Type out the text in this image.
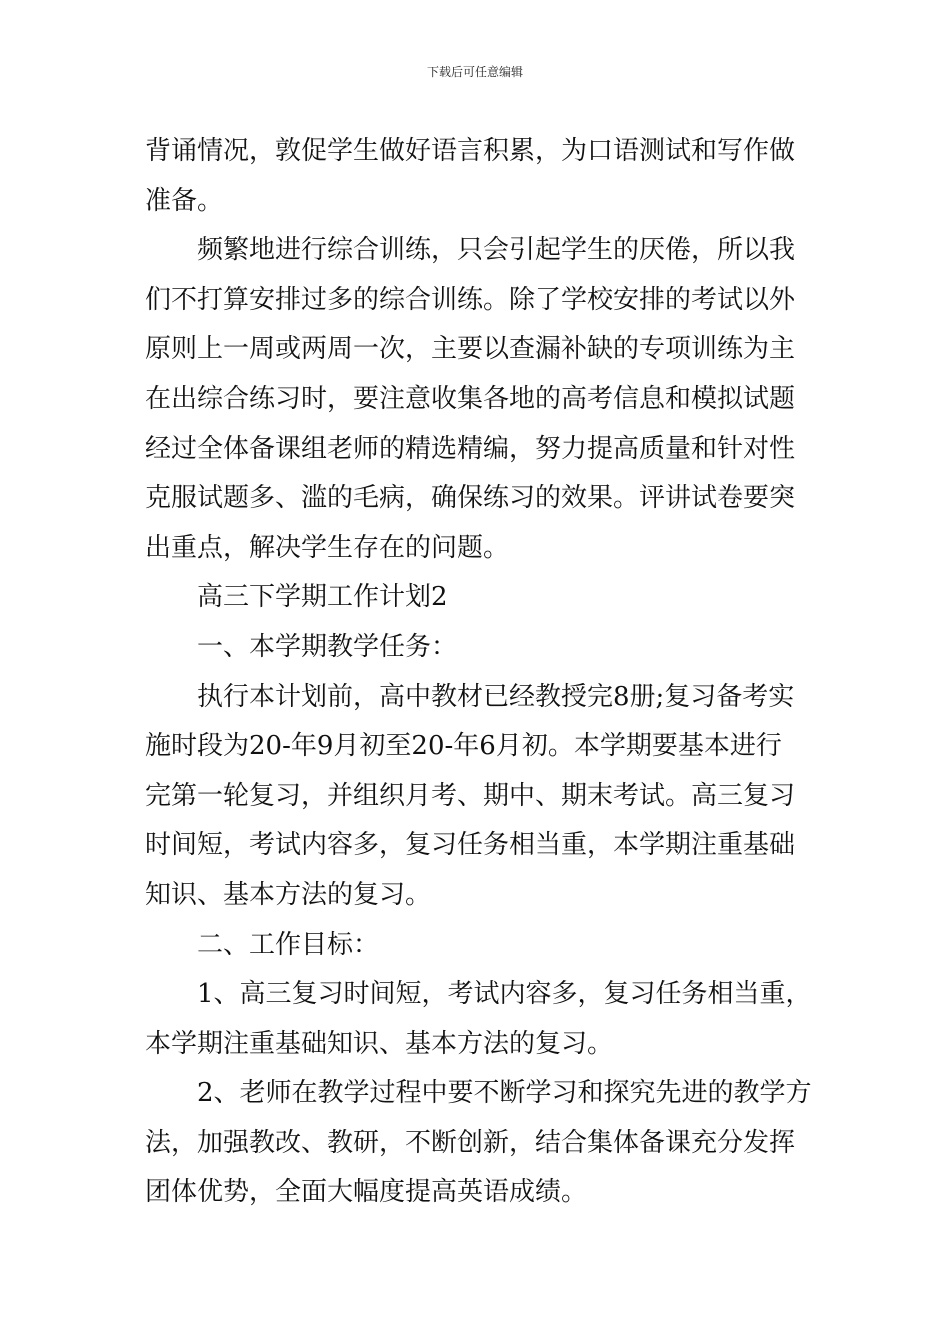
下载后可任意编辑
背诵情况，敦促学生做好语言积累，为口语测试和写作做
准备。
频繁地进行综合训练，只会引起学生的厌倦，所以我
们不打算安排过多的综合训练。除了学校安排的考试以外
原则上一周或两周一次，主要以查漏补缺的专项训练为主
在出综合练习时，要注意收集各地的高考信息和模拟试题
经过全体备课组老师的精选精编，努力提高质量和针对性
克服试题多、滥的毛病，确保练习的效果。评讲试卷要突
出重点，解决学生存在的问题。
高三下学期工作计划2
一、本学期教学任务：
执行本计划前，高中教材已经教授完8册;复习备考实
施时段为20-年9月初至20-年6月初。本学期要基本进行
完第一轮复习，并组织月考、期中、期末考试。高三复习
时间短，考试内容多，复习任务相当重，本学期注重基础
知识、基本方法的复习。
二、工作目标：
1、高三复习时间短，考试内容多，复习任务相当重，
本学期注重基础知识、基本方法的复习。
2、老师在教学过程中要不断学习和探究先进的教学方
法，加强教改、教研，不断创新，结合集体备课充分发挥
团体优势，全面大幅度提高英语成绩。
